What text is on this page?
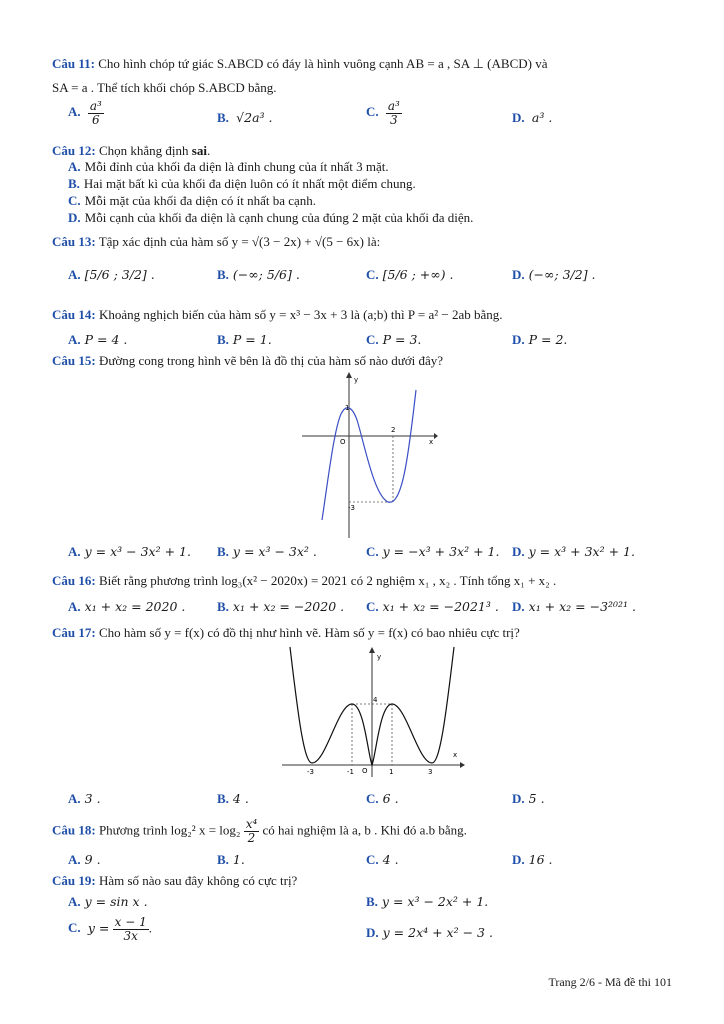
Câu 11: Cho hình chóp tứ giác S.ABCD có đáy là hình vuông cạnh AB = a , SA ⊥ (ABCD) và
SA = a . Thể tích khối chóp S.ABCD bằng.
A. $\frac{\text{a³}}{6}$	B. √2a³ .	C. $\frac{\text{a³}}{3}$	D. a³ .
Câu 12: Chọn khẳng định sai.
A. Mỗi đỉnh của khối đa diện là đỉnh chung của ít nhất 3 mặt.
B. Hai mặt bất kì của khối đa diện luôn có ít nhất một điểm chung.
C. Mỗi mặt của khối đa diện có ít nhất ba cạnh.
D. Mỗi cạnh của khối đa diện là cạnh chung của đúng 2 mặt của khối đa diện.
Câu 13: Tập xác định của hàm số y = √(3 − 2x) + √(5 − 6x) là:
A. [5/6 ; 3/2] .	B. (−∞; 5/6] .	C. [5/6 ; +∞) .	D. (−∞; 3/2] .
Câu 14: Khoảng nghịch biến của hàm số y = x³ − 3x + 3 là (a;b) thì P = a² − 2ab bằng.
A. P = 4 .	B. P = 1.	C. P = 3.	D. P = 2.
Câu 15: Đường cong trong hình vẽ bên là đồ thị của hàm số nào dưới đây?
y
x
O
1
2
-3
A. y = x³ − 3x² + 1. B. y = x³ − 3x² .	C. y = −x³ + 3x² + 1. D. y = x³ + 3x² + 1.
Câu 16: Biết rằng phương trình log₃(x² − 2020x) = 2021 có 2 nghiệm x₁ , x₂ . Tính tổng x₁ + x₂ .
A. x₁ + x₂ = 2020 . B. x₁ + x₂ = −2020 . C. x₁ + x₂ = −2021³ . D. x₁ + x₂ = −3²⁰²¹ .
Câu 17: Cho hàm số y = f(x) có đồ thị như hình vẽ. Hàm số y = f(x) có bao nhiêu cực trị?
y
x
O
4
-3	-1	1	3
A. 3 .	B. 4 .	C. 6 .	D. 5 .
Câu 18: Phương trình log₂² $x = \log_2 \frac{\text{x⁴}}{2}$ có hai nghiệm là a, b . Khi đó a.b bằng.
A. 9 .	B. 1.	C. 4 .	D. 16 .
Câu 19: Hàm số nào sau đây không có cực trị?
A. y = sin x .	B. y = x³ − 2x² + 1.
C. $y = \frac{x - 1}{3x}$ .	D. y = 2x⁴ + x² − 3 .
Trang 2/6 - Mã đề thi 101
